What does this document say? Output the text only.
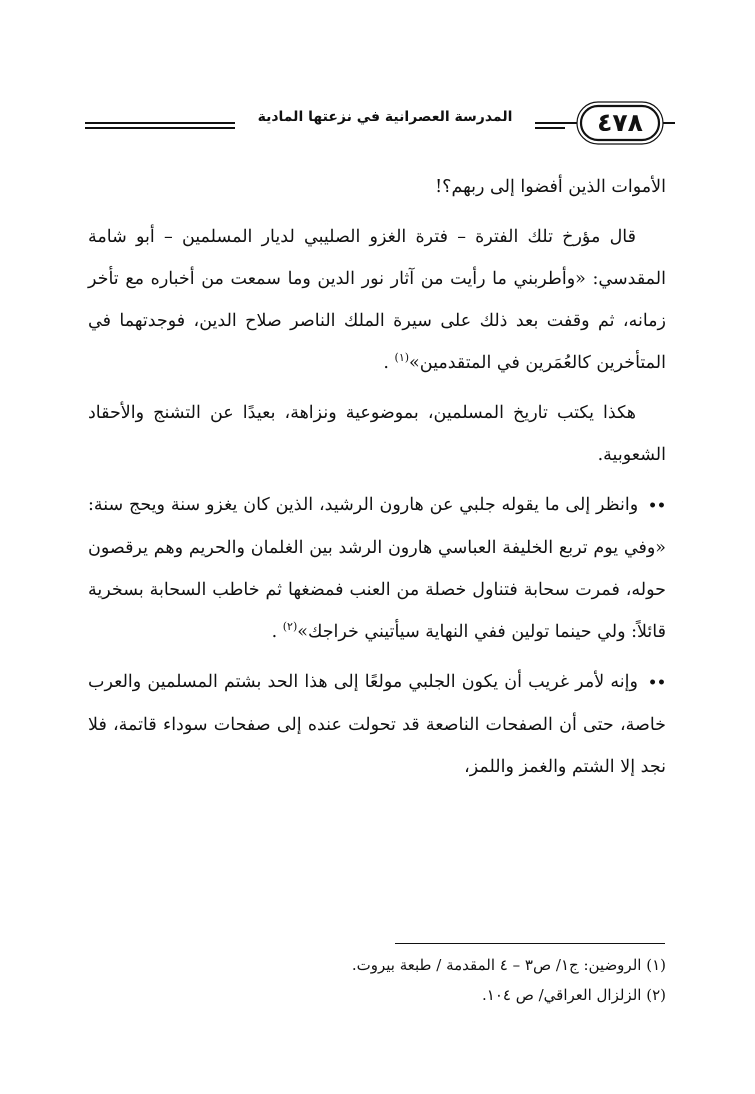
٤٧٨
المدرسة العصرانية في نزعتها المادية

الأموات الذين أفضوا إلى ربهم؟!

قال مؤرخ تلك الفترة – فترة الغزو الصليبي لديار المسلمين – أبو شامة المقدسي: «وأطربني ما رأيت من آثار نور الدين وما سمعت من أخباره مع تأخر زمانه، ثم وقفت بعد ذلك على سيرة الملك الناصر صلاح الدين، فوجدتهما في المتأخرين كالعُمَرين في المتقدمين»$^{(١)}$ .

هكذا يكتب تاريخ المسلمين، بموضوعية ونزاهة، بعيدًا عن التشنج والأحقاد الشعوبية.

•• وانظر إلى ما يقوله جلبي عن هارون الرشيد، الذين كان يغزو سنة ويحج سنة: «وفي يوم تربع الخليفة العباسي هارون الرشد بين الغلمان والحريم وهم يرقصون حوله، فمرت سحابة فتناول خصلة من العنب فمضغها ثم خاطب السحابة بسخرية قائلاً: ولي حينما تولين ففي النهاية سيأتيني خراجك»$^{(٢)}$ .

•• وإنه لأمر غريب أن يكون الجلبي مولعًا إلى هذا الحد بشتم المسلمين والعرب خاصة، حتى أن الصفحات الناصعة قد تحولت عنده إلى صفحات سوداء قاتمة، فلا نجد إلا الشتم والغمز واللمز،

(١) الروضين: ج١/ ص٣ – ٤ المقدمة / طبعة بيروت.
(٢) الزلزال العراقي/ ص ١٠٤.
